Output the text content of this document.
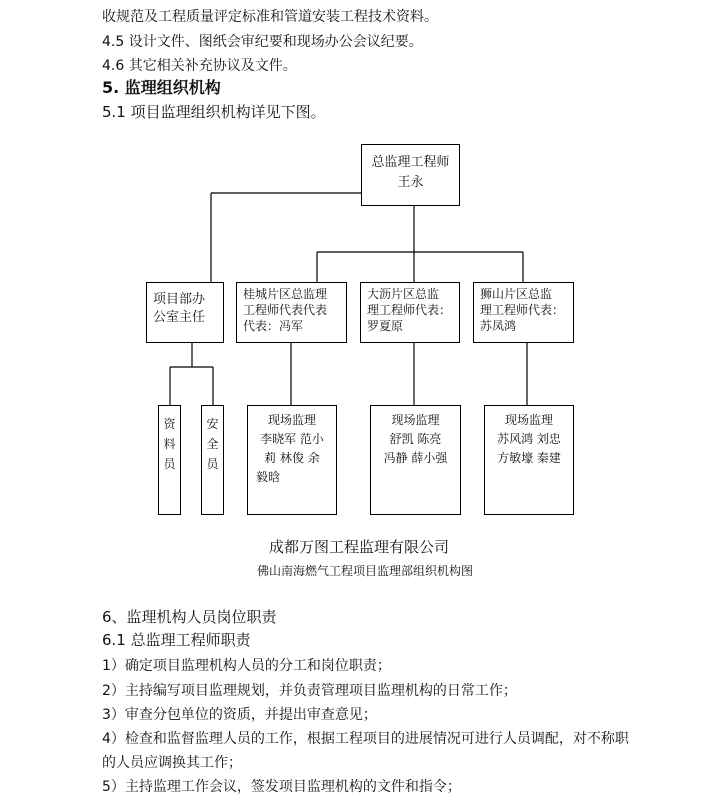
收规范及工程质量评定标准和管道安装工程技术资料。
4.5 设计文件、图纸会审纪要和现场办公会议纪要。
4.6 其它相关补充协议及文件。
5. 监理组织机构
5.1 项目监理组织机构详见下图。
总监理工程师
王永
项目部办
公室主任
桂城片区总监理
工程师代表代表
代表：冯军
大沥片区总监
理工程师代表：
罗夏原
狮山片区总监
理工程师代表：
苏凤鸿
资
料
员
安
全
员
现场监理
李晓军 范小
莉 林俊 余
毅晗
现场监理
舒凯 陈亮
冯静 薛小强
现场监理
苏风鸿 刘忠
方敏壕 秦建
成都万图工程监理有限公司
佛山南海燃气工程项目监理部组织机构图
6、监理机构人员岗位职责
6.1 总监理工程师职责
1）确定项目监理机构人员的分工和岗位职责；
2）主持编写项目监理规划，并负责管理项目监理机构的日常工作；
3）审查分包单位的资质，并提出审查意见；
4）检查和监督监理人员的工作，根据工程项目的进展情况可进行人员调配，对不称职
的人员应调换其工作；
5）主持监理工作会议，签发项目监理机构的文件和指令；
